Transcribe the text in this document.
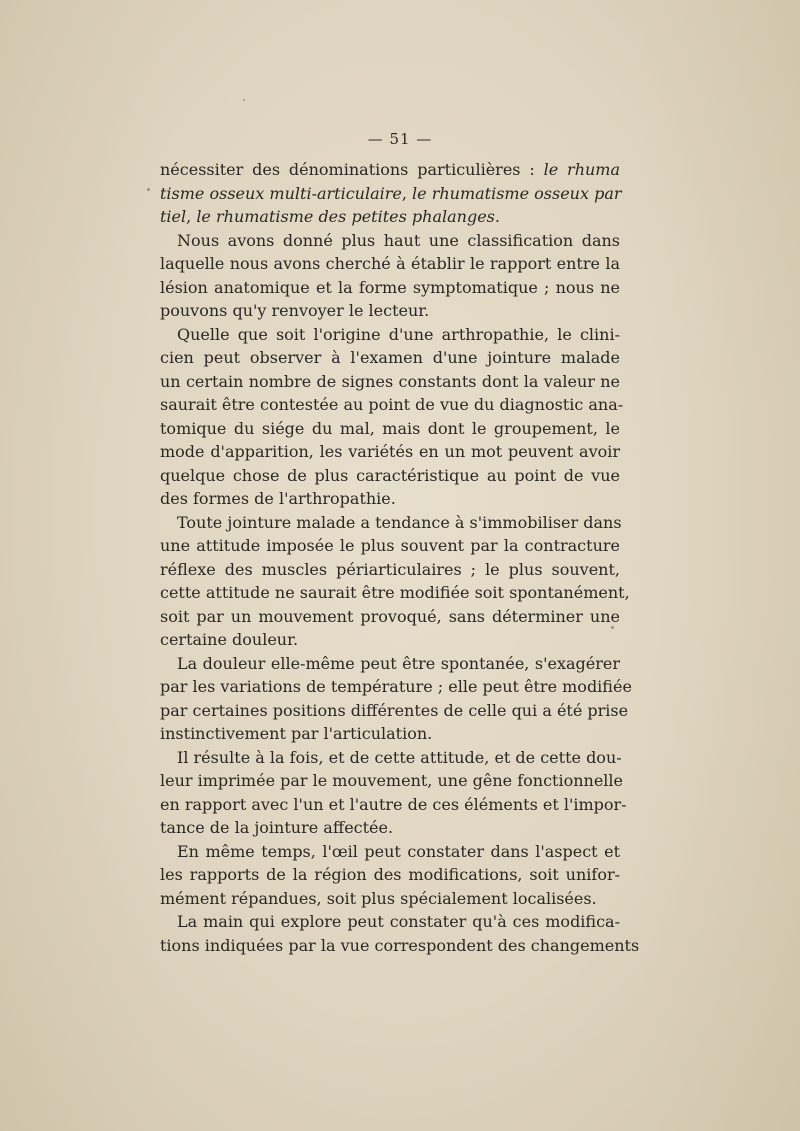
— 51 —
nécessiter des dénominations particulières : le rhuma
tisme osseux multi-articulaire, le rhumatisme osseux par
tiel, le rhumatisme des petites phalanges.
Nous avons donné plus haut une classification dans
laquelle nous avons cherché à établir le rapport entre la
lésion anatomique et la forme symptomatique ; nous ne
pouvons qu'y renvoyer le lecteur.
Quelle que soit l'origine d'une arthropathie, le clini-
cien peut observer à l'examen d'une jointure malade
un certain nombre de signes constants dont la valeur ne
saurait être contestée au point de vue du diagnostic ana-
tomique du siége du mal, mais dont le groupement, le
mode d'apparition, les variétés en un mot peuvent avoir
quelque chose de plus caractéristique au point de vue
des formes de l'arthropathie.
Toute jointure malade a tendance à s'immobiliser dans
une attitude imposée le plus souvent par la contracture
réflexe des muscles périarticulaires ; le plus souvent,
cette attitude ne saurait être modifiée soit spontanément,
soit par un mouvement provoqué, sans déterminer une
certaine douleur.
La douleur elle-même peut être spontanée, s'exagérer
par les variations de température ; elle peut être modifiée
par certaines positions différentes de celle qui a été prise
instinctivement par l'articulation.
Il résulte à la fois, et de cette attitude, et de cette dou-
leur imprimée par le mouvement, une gêne fonctionnelle
en rapport avec l'un et l'autre de ces éléments et l'impor-
tance de la jointure affectée.
En même temps, l'œil peut constater dans l'aspect et
les rapports de la région des modifications, soit unifor-
mément répandues, soit plus spécialement localisées.
La main qui explore peut constater qu'à ces modifica-
tions indiquées par la vue correspondent des changements
